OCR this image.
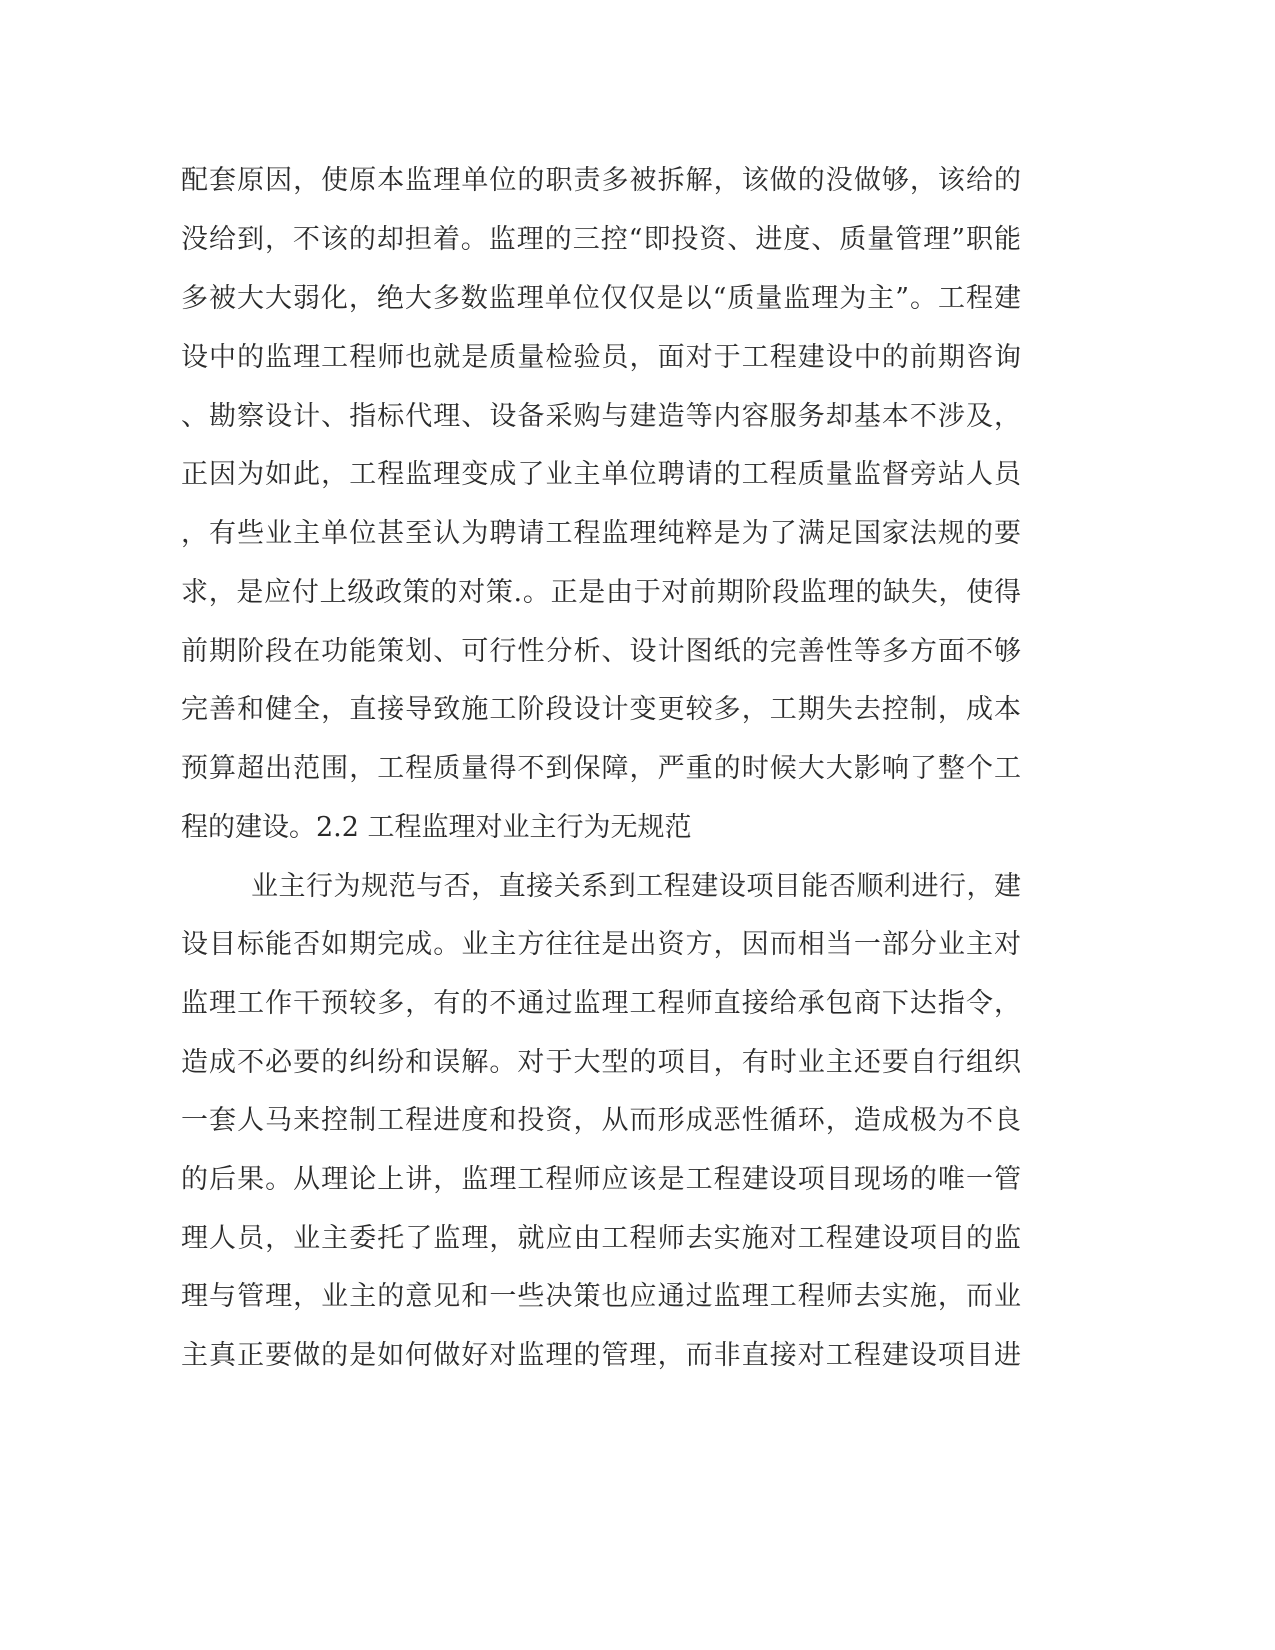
配套原因，使原本监理单位的职责多被拆解，该做的没做够，该给的
没给到，不该的却担着。监理的三控“即投资、进度、质量管理”职能
多被大大弱化，绝大多数监理单位仅仅是以“质量监理为主”。工程建
设中的监理工程师也就是质量检验员，面对于工程建设中的前期咨询
、勘察设计、指标代理、设备采购与建造等内容服务却基本不涉及，
正因为如此，工程监理变成了业主单位聘请的工程质量监督旁站人员
，有些业主单位甚至认为聘请工程监理纯粹是为了满足国家法规的要
求，是应付上级政策的对策.。正是由于对前期阶段监理的缺失，使得
前期阶段在功能策划、可行性分析、设计图纸的完善性等多方面不够
完善和健全，直接导致施工阶段设计变更较多，工期失去控制，成本
预算超出范围，工程质量得不到保障，严重的时候大大影响了整个工
程的建设。2.2 工程监理对业主行为无规范
业主行为规范与否，直接关系到工程建设项目能否顺利进行，建
设目标能否如期完成。业主方往往是出资方，因而相当一部分业主对
监理工作干预较多，有的不通过监理工程师直接给承包商下达指令，
造成不必要的纠纷和误解。对于大型的项目，有时业主还要自行组织
一套人马来控制工程进度和投资，从而形成恶性循环，造成极为不良
的后果。从理论上讲，监理工程师应该是工程建设项目现场的唯一管
理人员，业主委托了监理，就应由工程师去实施对工程建设项目的监
理与管理，业主的意见和一些决策也应通过监理工程师去实施，而业
主真正要做的是如何做好对监理的管理，而非直接对工程建设项目进
